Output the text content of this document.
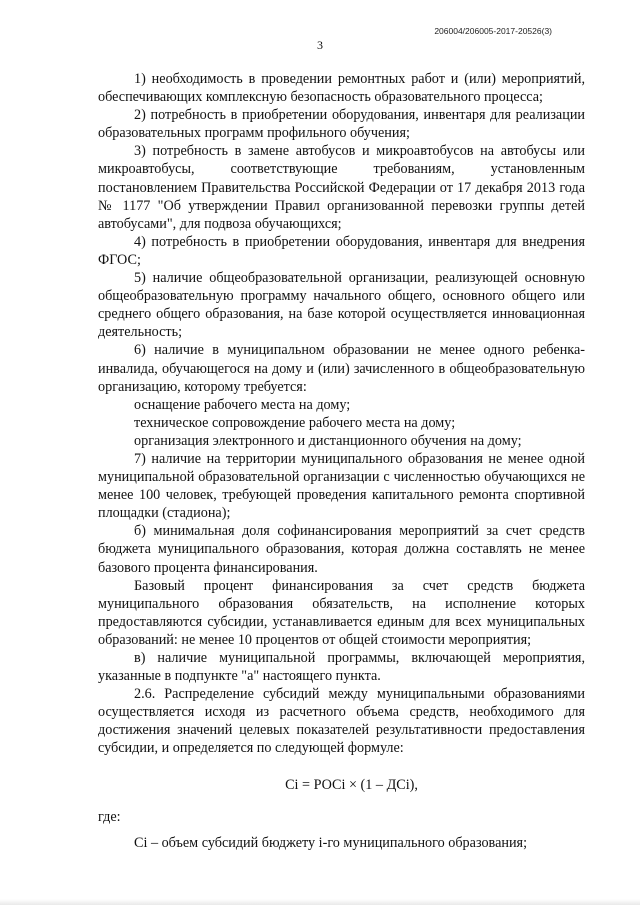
206004/206005-2017-20526(3)
3

1) необходимость в проведении ремонтных работ и (или) мероприятий, обеспечивающих комплексную безопасность образовательного процесса;

2) потребность в приобретении оборудования, инвентаря для реализации образовательных программ профильного обучения;

3) потребность в замене автобусов и микроавтобусов на автобусы или микроавтобусы, соответствующие требованиям, установленным постановлением Правительства Российской Федерации от 17 декабря 2013 года № 1177 "Об утверждении Правил организованной перевозки группы детей автобусами", для подвоза обучающихся;

4) потребность в приобретении оборудования, инвентаря для внедрения ФГОС;

5) наличие общеобразовательной организации, реализующей основную общеобразовательную программу начального общего, основного общего или среднего общего образования, на базе которой осуществляется инновационная деятельность;

6) наличие в муниципальном образовании не менее одного ребенка-инвалида, обучающегося на дому и (или) зачисленного в общеобразовательную организацию, которому требуется:

оснащение рабочего места на дому;

техническое сопровождение рабочего места на дому;

организация электронного и дистанционного обучения на дому;

7) наличие на территории муниципального образования не менее одной муниципальной образовательной организации с численностью обучающихся не менее 100 человек, требующей проведения капитального ремонта спортивной площадки (стадиона);

б) минимальная доля софинансирования мероприятий за счет средств бюджета муниципального образования, которая должна составлять не менее базового процента финансирования.

Базовый процент финансирования за счет средств бюджета муниципального образования обязательств, на исполнение которых предоставляются субсидии, устанавливается единым для всех муниципальных образований: не менее 10 процентов от общей стоимости мероприятия;

в) наличие муниципальной программы, включающей мероприятия, указанные в подпункте "а" настоящего пункта.

2.6. Распределение субсидий между муниципальными образованиями осуществляется исходя из расчетного объема средств, необходимого для достижения значений целевых показателей результативности предоставления субсидии, и определяется по следующей формуле:

Сi = РОСi × (1 – ДСi),

где:

Сi – объем субсидий бюджету i-го муниципального образования;
